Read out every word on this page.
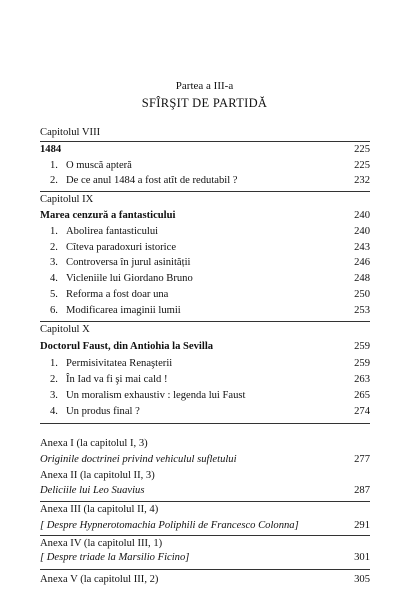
Partea a III-a
SFÎRŞIT DE PARTIDĂ
Capitolul VIII
1484	225
1. O muscă apteră	225
2. De ce anul 1484 a fost atît de redutabil ?	232
Capitolul IX
Marea cenzură a fantasticului	240
1. Abolirea fantasticului	240
2. Cîteva paradoxuri istorice	243
3. Controversa în jurul asinității	246
4. Vicleniile lui Giordano Bruno	248
5. Reforma a fost doar una	250
6. Modificarea imaginii lumii	253
Capitolul X
Doctorul Faust, din Antiohia la Sevilla	259
1. Permisivitatea Renaşterii	259
2. În Iad va fi şi mai cald !	263
3. Un moralism exhaustiv : legenda lui Faust	265
4. Un produs final ?	274
Anexa I (la capitolul I, 3)
Originile doctrinei privind vehiculul sufletului	277
Anexa II (la capitolul II, 3)
Deliciile lui Leo Suavius	287
Anexa III (la capitolul II, 4)
[ Despre Hypnerotomachia Poliphili de Francesco Colonna]	291
Anexa IV (la capitolul III, 1)
[ Despre triade la Marsilio Ficino]	301
Anexa V (la capitolul III, 2)	305
